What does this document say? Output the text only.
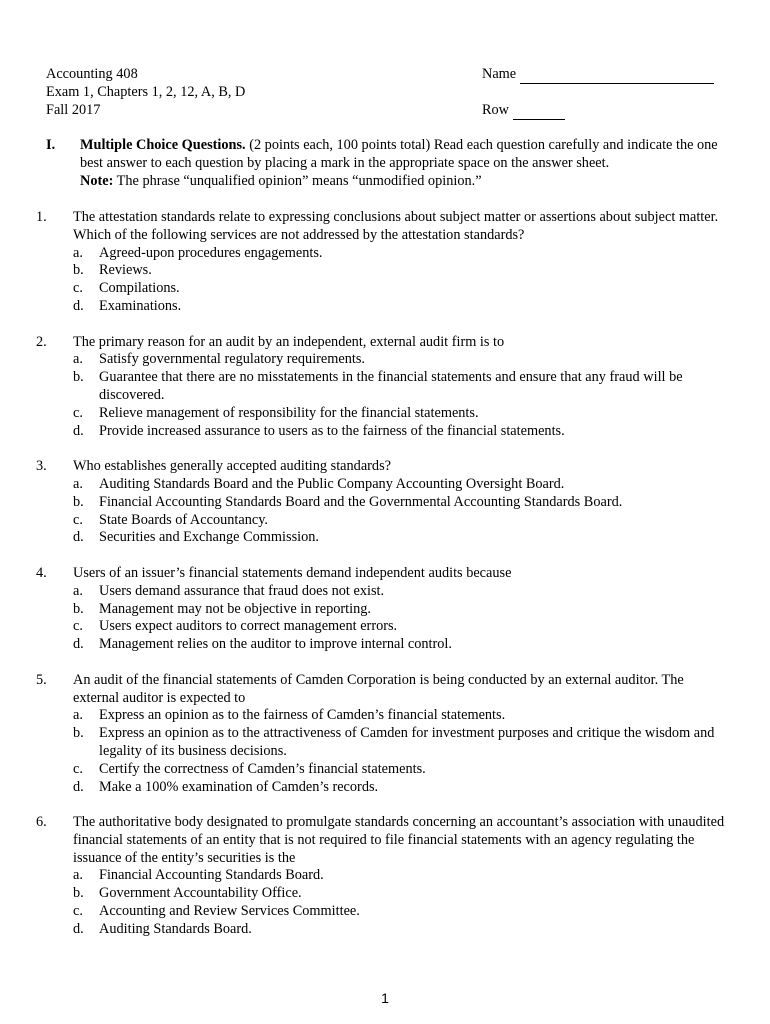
Accounting 408
Exam 1, Chapters 1, 2, 12, A, B, D
Fall 2017
Name
Row
I. Multiple Choice Questions. (2 points each, 100 points total) Read each question carefully and indicate the one best answer to each question by placing a mark in the appropriate space on the answer sheet.
Note: The phrase “unqualified opinion” means “unmodified opinion.”
1.	The attestation standards relate to expressing conclusions about subject matter or assertions about subject matter. Which of the following services are not addressed by the attestation standards?
a.	Agreed-upon procedures engagements.
b.	Reviews.
c.	Compilations.
d.	Examinations.
2.	The primary reason for an audit by an independent, external audit firm is to
a.	Satisfy governmental regulatory requirements.
b.	Guarantee that there are no misstatements in the financial statements and ensure that any fraud will be discovered.
c.	Relieve management of responsibility for the financial statements.
d.	Provide increased assurance to users as to the fairness of the financial statements.
3.	Who establishes generally accepted auditing standards?
a.	Auditing Standards Board and the Public Company Accounting Oversight Board.
b.	Financial Accounting Standards Board and the Governmental Accounting Standards Board.
c.	State Boards of Accountancy.
d.	Securities and Exchange Commission.
4.	Users of an issuer’s financial statements demand independent audits because
a.	Users demand assurance that fraud does not exist.
b.	Management may not be objective in reporting.
c.	Users expect auditors to correct management errors.
d.	Management relies on the auditor to improve internal control.
5.	An audit of the financial statements of Camden Corporation is being conducted by an external auditor. The external auditor is expected to
a.	Express an opinion as to the fairness of Camden’s financial statements.
b.	Express an opinion as to the attractiveness of Camden for investment purposes and critique the wisdom and legality of its business decisions.
c.	Certify the correctness of Camden’s financial statements.
d.	Make a 100% examination of Camden’s records.
6.	The authoritative body designated to promulgate standards concerning an accountant’s association with unaudited financial statements of an entity that is not required to file financial statements with an agency regulating the issuance of the entity’s securities is the
a.	Financial Accounting Standards Board.
b.	Government Accountability Office.
c.	Accounting and Review Services Committee.
d.	Auditing Standards Board.
1
